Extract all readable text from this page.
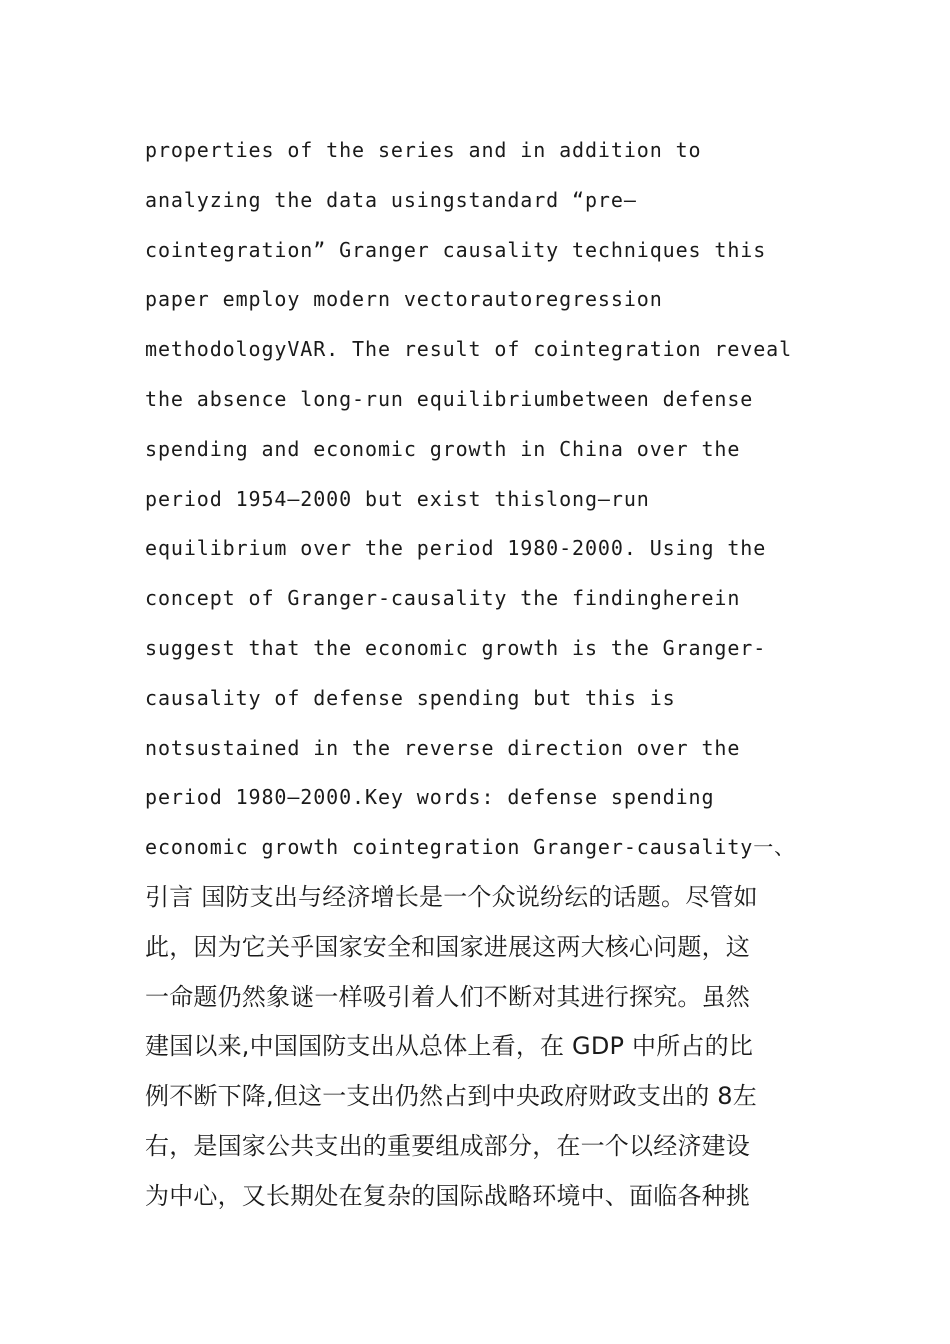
properties of the series and in addition to
analyzing the data usingstandard “pre—
cointegration” Granger causality techniques this
paper employ modern vectorautoregression
methodologyVAR. The result of cointegration reveal
the absence long-run equilibriumbetween defense
spending and economic growth in China over the
period 1954—2000 but exist thislong—run
equilibrium over the period 1980-2000. Using the
concept of Granger-causality the findingherein
suggest that the economic growth is the Granger-
causality of defense spending but this is
notsustained in the reverse direction over the
period 1980—2000.Key words: defense spending
economic growth cointegration Granger-causality一、
引言 国防支出与经济增长是一个众说纷纭的话题。尽管如
此，因为它关乎国家安全和国家进展这两大核心问题，这
一命题仍然象谜一样吸引着人们不断对其进行探究。虽然
建国以来,中国国防支出从总体上看，在 GDP 中所占的比
例不断下降,但这一支出仍然占到中央政府财政支出的 8左
右，是国家公共支出的重要组成部分，在一个以经济建设
为中心，又长期处在复杂的国际战略环境中、面临各种挑
